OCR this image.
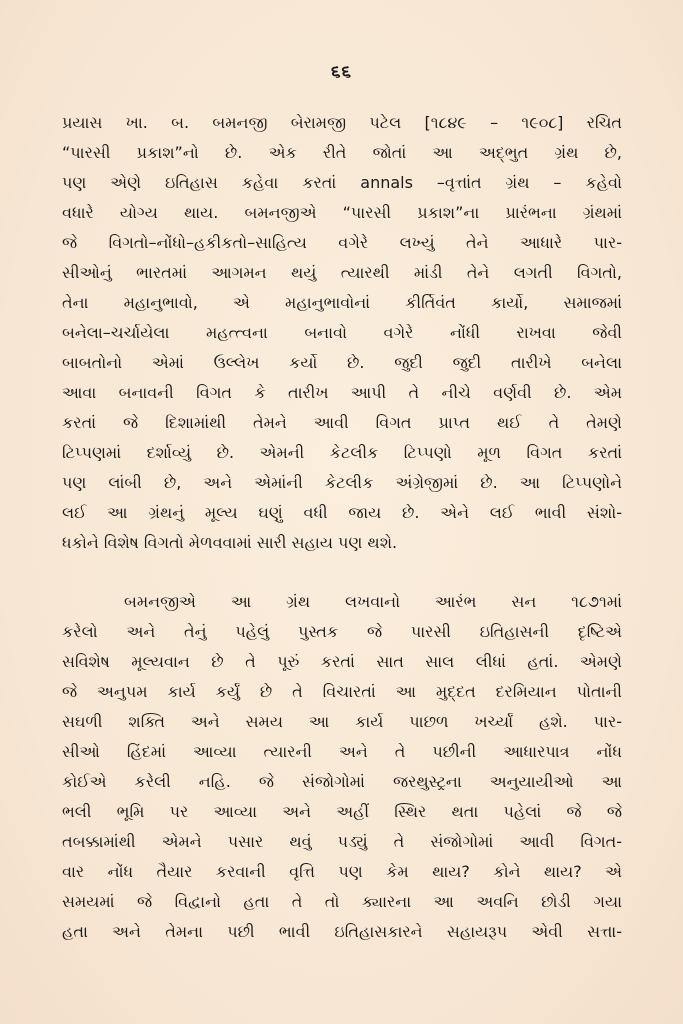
૬૬
પ્રયાસ ખા. બ. બમનજી બેરામજી પટેલ [૧૮૪૯ – ૧૯૦૮] રચિત
“પારસી પ્રકાશ”નો છે. એક રીતે જોતાં આ અદ્‌ભુત ગ્રંથ છે,
પણ એણે ઇતિહાસ કહેવા કરતાં annals –વૃત્તાંત ગ્રંથ – કહેવો
વધારે યોગ્ય થાય. બમનજીએ “પારસી પ્રકાશ”ના પ્રારંભના ગ્રંથમાં
જે વિગતો–નોંધો–હકીકતો–સાહિત્ય વગેરે લખ્યું તેને આધારે પાર-
સીઓનું ભારતમાં આગમન થયું ત્યારથી માંડી તેને લગતી વિગતો,
તેના મહાનુભાવો, એ મહાનુભાવોનાં કીર્તિવંત કાર્યો, સમાજમાં
બનેલા–ચર્ચાયેલા મહત્ત્વના બનાવો વગેરે નોંધી રાખવા જેવી
બાબતોનો એમાં ઉલ્લેખ કર્યો છે. જુદી જુદી તારીખે બનેલા
આવા બનાવની વિગત કે તારીખ આપી તે નીચે વર્ણવી છે. એમ
કરતાં જે દિશામાંથી તેમને આવી વિગત પ્રાપ્ત થઈ તે તેમણે
ટિપ્પણમાં દર્શાવ્યું છે. એમની કેટલીક ટિપ્પણો મૂળ વિગત કરતાં
પણ લાંબી છે, અને એમાંની કેટલીક અંગ્રેજીમાં છે. આ ટિપ્પણોને
લઈ આ ગ્રંથનું મૂલ્ય ઘણું વધી જાય છે. એને લઈ ભાવી સંશો-
ધકોને વિશેષ વિગતો મેળવવામાં સારી સહાય પણ થશે.
બમનજીએ આ ગ્રંથ લખવાનો આરંભ સન ૧૮૭૧માં
કરેલો અને તેનું પહેલું પુસ્તક જે પારસી ઇતિહાસની દૃષ્ટિએ
સવિશેષ મૂલ્યવાન છે તે પૂરું કરતાં સાત સાલ લીધાં હતાં. એમણે
જે અનુપમ કાર્ય કર્યું છે તે વિચારતાં આ મુદ્દત દરમિયાન પોતાની
સઘળી શક્તિ અને સમય આ કાર્ય પાછળ ખર્ચ્યાં હશે. પાર-
સીઓ હિંદમાં આવ્યા ત્યારની અને તે પછીની આધારપાત્ર નોંધ
કોઈએ કરેલી નહિ. જે સંજોગોમાં જરથુસ્ટ્રના અનુયાયીઓ આ
ભલી ભૂમિ પર આવ્યા અને અહીં સ્થિર થતા પહેલાં જે જે
તબક્કામાંથી એમને પસાર થવું પડ્યું તે સંજોગોમાં આવી વિગત-
વાર નોંધ તૈયાર કરવાની વૃત્તિ પણ કેમ થાય? કોને થાય? એ
સમયમાં જે વિદ્વાનો હતા તે તો ક્યારના આ અવનિ છોડી ગયા
હતા અને તેમના પછી ભાવી ઇતિહાસકારને સહાયરૂપ એવી સત્તા-
